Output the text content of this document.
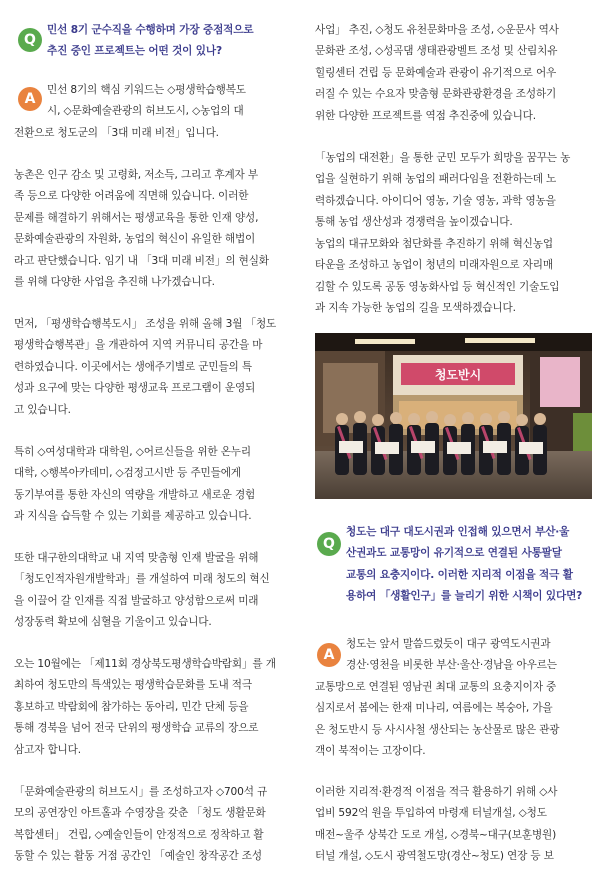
Q
민선 8기 군수직을 수행하며 가장 중점적으로
추진 중인 프로젝트는 어떤 것이 있나?
A
민선 8기의 핵심 키워드는 ◇평생학습행복도
시, ◇문화예술관광의 허브도시, ◇농업의 대
전환으로 청도군의 「3대 미래 비전」입니다.
농촌은 인구 감소 및 고령화, 저소득, 그리고 후계자 부
족 등으로 다양한 어려움에 직면해 있습니다. 이러한
문제를 해결하기 위해서는 평생교육을 통한 인재 양성,
문화예술관광의 자원화, 농업의 혁신이 유일한 해법이
라고 판단했습니다. 임기 내 「3대 미래 비전」의 현실화
를 위해 다양한 사업을 추진해 나가겠습니다.
먼저, 「평생학습행복도시」 조성을 위해 올해 3월 「청도
평생학습행복관」을 개관하여 지역 커뮤니티 공간을 마
련하였습니다. 이곳에서는 생애주기별로 군민들의 특
성과 요구에 맞는 다양한 평생교육 프로그램이 운영되
고 있습니다.
특히 ◇여성대학과 대학원, ◇어르신들을 위한 온누리
대학, ◇행복아카데미, ◇검정고시반 등 주민들에게
동기부여를 통한 자신의 역량을 개발하고 새로운 경험
과 지식을 습득할 수 있는 기회를 제공하고 있습니다.
또한 대구한의대학교 내 지역 맞춤형 인재 발굴을 위해
「청도인적자원개발학과」를 개설하여 미래 청도의 혁신
을 이끌어 갈 인재를 직접 발굴하고 양성함으로써 미래
성장동력 확보에 심혈을 기울이고 있습니다.
오는 10월에는 「제11회 경상북도평생학습박람회」를 개
최하여 청도만의 특색있는 평생학습문화를 도내 적극
홍보하고 박람회에 참가하는 동아리, 민간 단체 등을
통해 경북을 넘어 전국 단위의 평생학습 교류의 장으로
삼고자 합니다.
「문화예술관광의 허브도시」를 조성하고자 ◇700석 규
모의 공연장인 아트홀과 수영장을 갖춘 「청도 생활문화
복합센터」 건립, ◇예술인들이 안정적으로 정착하고 활
동할 수 있는 활동 거점 공간인 「예술인 창작공간 조성
사업」 추진, ◇청도 유천문화마을 조성, ◇운문사 역사
문화관 조성, ◇성곡댐 생태관광벨트 조성 및 산림치유
힐링센터 건립 등 문화예술과 관광이 유기적으로 어우
러질 수 있는 수요자 맞춤형 문화관광환경을 조성하기
위한 다양한 프로젝트를 역점 추진중에 있습니다.
「농업의 대전환」을 통한 군민 모두가 희망을 꿈꾸는 농
업을 실현하기 위해 농업의 패러다임을 전환하는데 노
력하겠습니다. 아이디어 영농, 기술 영농, 과학 영농을
통해 농업 생산성과 경쟁력을 높이겠습니다.
농업의 대규모화와 첨단화를 추진하기 위해 혁신농업
타운을 조성하고 농업이 청년의 미래자원으로 자리매
김할 수 있도록 공동 영농화사업 등 혁신적인 기술도입
과 지속 가능한 농업의 길을 모색하겠습니다.
청도반시
Q
청도는 대구 대도시권과 인접해 있으면서 부산·울
산권과도 교통망이 유기적으로 연결된 사통팔달
교통의 요충지이다. 이러한 지리적 이점을 적극 활
용하여 「생활인구」를 늘리기 위한 시책이 있다면?
A
청도는 앞서 말씀드렸듯이 대구 광역도시권과
경산·영천을 비롯한 부산·울산·경남을 아우르는
교통망으로 연결된 영남권 최대 교통의 요충지이자 중
심지로서 봄에는 한재 미나리, 여름에는 복숭아, 가을
은 청도반시 등 사시사철 생산되는 농산물로 많은 관광
객이 북적이는 고장이다.
이러한 지리적·환경적 이점을 적극 활용하기 위해 ◇사
업비 592억 원을 투입하여 마령재 터널개설, ◇청도
매전~울주 상북간 도로 개설, ◇경북~대구(보훈병원)
터널 개설, ◇도시 광역철도망(경산~청도) 연장 등 보
